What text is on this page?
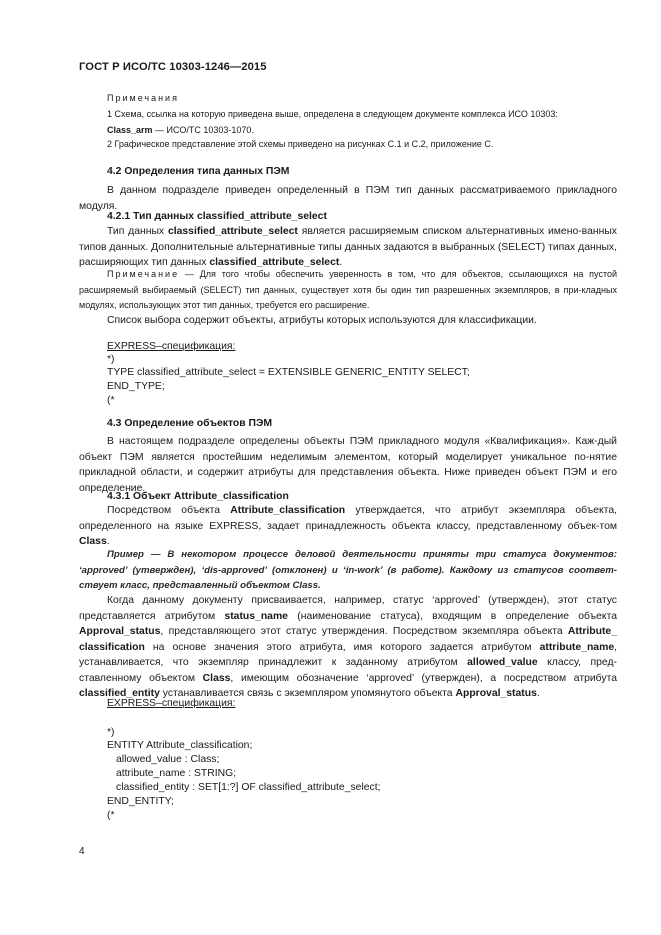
ГОСТ Р ИСО/ТС 10303-1246—2015
Примечания
1 Схема, ссылка на которую приведена выше, определена в следующем документе комплекса ИСО 10303:
Class_arm — ИСО/ТС 10303-1070.
2 Графическое представление этой схемы приведено на рисунках С.1 и С.2, приложение С.
4.2 Определения типа данных ПЭМ
В данном подразделе приведен определенный в ПЭМ тип данных рассматриваемого прикладного модуля.
4.2.1 Тип данных classified_attribute_select
Тип данных classified_attribute_select является расширяемым списком альтернативных имено-ванных типов данных. Дополнительные альтернативные типы данных задаются в выбранных (SELECT) типах данных, расширяющих тип данных classified_attribute_select.
Примечание — Для того чтобы обеспечить уверенность в том, что для объектов, ссылающихся на пустой расширяемый выбираемый (SELECT) тип данных, существует хотя бы один тип разрешенных экземпляров, в при-кладных модулях, использующих этот тип данных, требуется его расширение.
Список выбора содержит объекты, атрибуты которых используются для классификации.
EXPRESS–спецификация:
*)
TYPE classified_attribute_select = EXTENSIBLE GENERIC_ENTITY SELECT;
END_TYPE;
(*
4.3 Определение объектов ПЭМ
В настоящем подразделе определены объекты ПЭМ прикладного модуля «Квалификация». Каж-дый объект ПЭМ является простейшим неделимым элементом, который моделирует уникальное по-нятие прикладной области, и содержит атрибуты для представления объекта. Ниже приведен объект ПЭМ и его определение.
4.3.1 Объект Attribute_classification
Посредством объекта Attribute_classification утверждается, что атрибут экземпляра объекта, определенного на языке EXPRESS, задает принадлежность объекта классу, представленному объек-том Class.
Пример — В некотором процессе деловой деятельности приняты три статуса документов: ‘approved’ (утвержден), ‘dis-approved’ (отклонен) и ‘in-work’ (в работе). Каждому из статусов соответ-ствует класс, представленный объектом Class.
Когда данному документу присваивается, например, статус ‘approved’ (утвержден), этот статус представляется атрибутом status_name (наименование статуса), входящим в определение объекта Approval_status, представляющего этот статус утверждения. Посредством экземпляра объекта Attribute_ classification на основе значения этого атрибута, имя которого задается атрибутом attribute_name, устанавливается, что экземпляр принадлежит к заданному атрибутом allowed_value классу, пред-ставленному объектом Class, имеющим обозначение ‘approved’ (утвержден), а посредством атрибута classified_entity устанавливается связь с экземпляром упомянутого объекта Approval_status.
EXPRESS–спецификация:
*)
ENTITY Attribute_classification;
allowed_value : Class;
attribute_name : STRING;
classified_entity : SET[1:?] OF classified_attribute_select;
END_ENTITY;
(*
4
